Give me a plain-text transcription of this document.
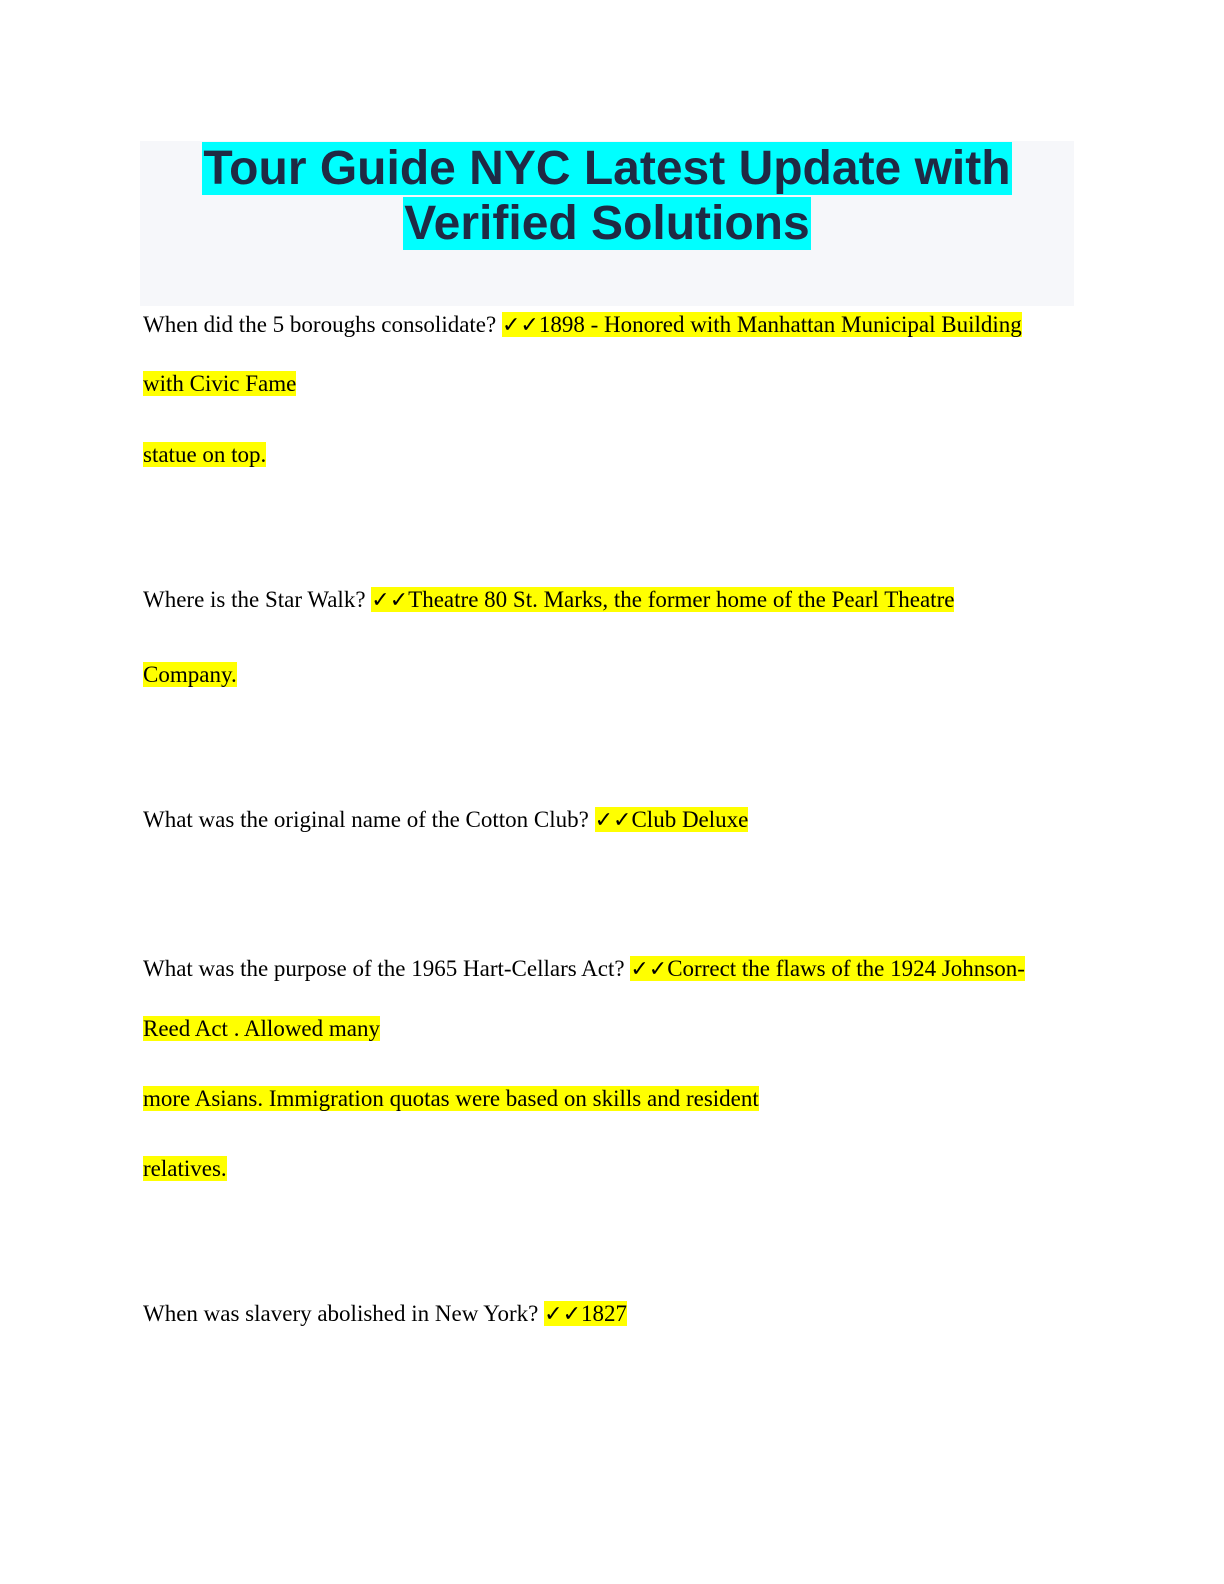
Tour Guide NYC Latest Update with
Verified Solutions
When did the 5 boroughs consolidate? ✓✓1898 - Honored with Manhattan Municipal Building
with Civic Fame
statue on top.
Where is the Star Walk? ✓✓Theatre 80 St. Marks, the former home of the Pearl Theatre
Company.
What was the original name of the Cotton Club? ✓✓Club Deluxe
What was the purpose of the 1965 Hart-Cellars Act? ✓✓Correct the flaws of the 1924 Johnson-
Reed Act . Allowed many
more Asians. Immigration quotas were based on skills and resident
relatives.
When was slavery abolished in New York? ✓✓1827
